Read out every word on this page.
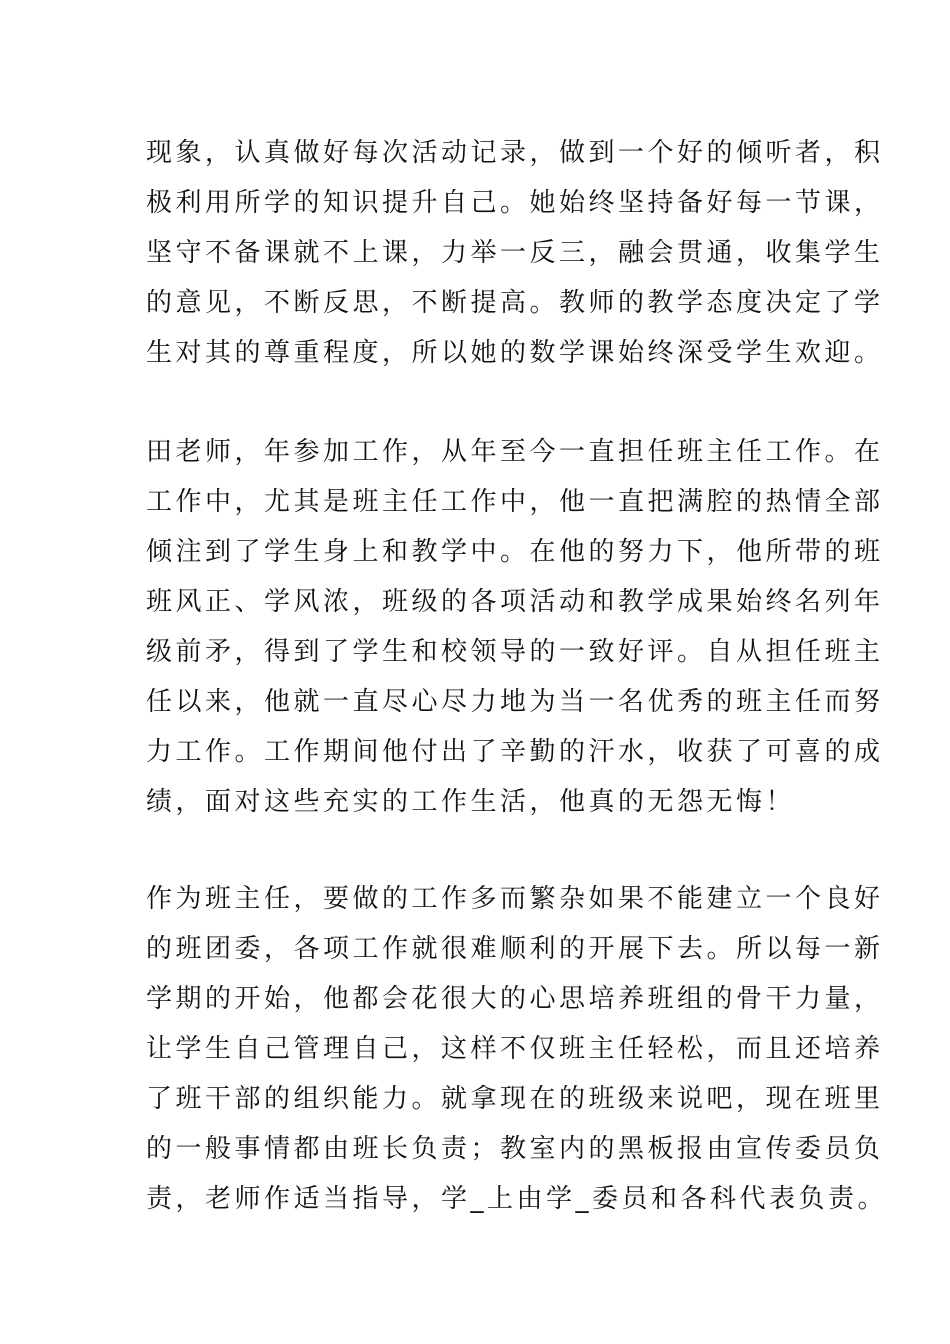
现象，认真做好每次活动记录，做到一个好的倾听者，积
极利用所学的知识提升自己。她始终坚持备好每一节课，
坚守不备课就不上课，力举一反三，融会贯通，收集学生
的意见，不断反思，不断提高。教师的教学态度决定了学
生对其的尊重程度，所以她的数学课始终深受学生欢迎。
田老师，年参加工作，从年至今一直担任班主任工作。在
工作中，尤其是班主任工作中，他一直把满腔的热情全部
倾注到了学生身上和教学中。在他的努力下，他所带的班
班风正、学风浓，班级的各项活动和教学成果始终名列年
级前矛，得到了学生和校领导的一致好评。自从担任班主
任以来，他就一直尽心尽力地为当一名优秀的班主任而努
力工作。工作期间他付出了辛勤的汗水，收获了可喜的成
绩，面对这些充实的工作生活，他真的无怨无悔！
作为班主任，要做的工作多而繁杂如果不能建立一个良好
的班团委，各项工作就很难顺利的开展下去。所以每一新
学期的开始，他都会花很大的心思培养班组的骨干力量，
让学生自己管理自己，这样不仅班主任轻松，而且还培养
了班干部的组织能力。就拿现在的班级来说吧，现在班里
的一般事情都由班长负责；教室内的黑板报由宣传委员负
责，老师作适当指导，学_上由学_委员和各科代表负责。
